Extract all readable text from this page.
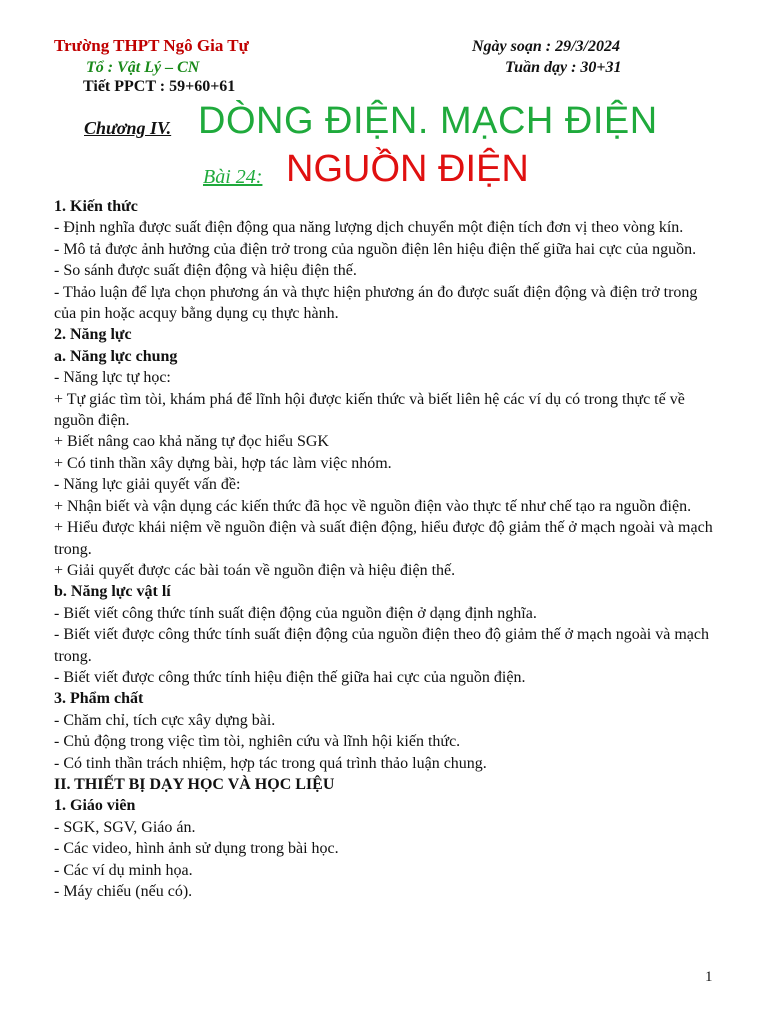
Trường THPT Ngô Gia Tự
Tổ : Vật Lý – CN
Tiết PPCT : 59+60+61
Ngày soạn : 29/3/2024
Tuần dạy : 30+31
Chương IV. DÒNG ĐIỆN. MẠCH ĐIỆN
Bài 24: NGUỒN ĐIỆN

1. Kiến thức

- Định nghĩa được suất điện động qua năng lượng dịch chuyển một điện tích đơn vị theo vòng kín.

- Mô tả được ảnh hưởng của điện trở trong của nguồn điện lên hiệu điện thế giữa hai cực của nguồn.

- So sánh được suất điện động và hiệu điện thế.

- Thảo luận để lựa chọn phương án và thực hiện phương án đo được suất điện động và điện trở trong của pin hoặc acquy bằng dụng cụ thực hành.

2. Năng lực

a. Năng lực chung

- Năng lực tự học:

+ Tự giác tìm tòi, khám phá để lĩnh hội được kiến thức và biết liên hệ các ví dụ có trong thực tế về nguồn điện.

+ Biết nâng cao khả năng tự đọc hiểu SGK

+ Có tinh thần xây dựng bài, hợp tác làm việc nhóm.

- Năng lực giải quyết vấn đề:

+ Nhận biết và vận dụng các kiến thức đã học về nguồn điện vào thực tế như chế tạo ra nguồn điện.

+ Hiểu được khái niệm về nguồn điện và suất điện động, hiểu được độ giảm thế ở mạch ngoài và mạch trong.

+ Giải quyết được các bài toán về nguồn điện và hiệu điện thế.

b. Năng lực vật lí

- Biết viết công thức tính suất điện động của nguồn điện ở dạng định nghĩa.

- Biết viết được công thức tính suất điện động của nguồn điện theo độ giảm thế ở mạch ngoài và mạch trong.

- Biết viết được công thức tính hiệu điện thế giữa hai cực của nguồn điện.

3. Phẩm chất

- Chăm chỉ, tích cực xây dựng bài.

- Chủ động trong việc tìm tòi, nghiên cứu và lĩnh hội kiến thức.

- Có tinh thần trách nhiệm, hợp tác trong quá trình thảo luận chung.

II. THIẾT BỊ DẠY HỌC VÀ HỌC LIỆU

1. Giáo viên

- SGK, SGV, Giáo án.

- Các video, hình ảnh sử dụng trong bài học.

- Các ví dụ minh họa.

- Máy chiếu (nếu có).

1
